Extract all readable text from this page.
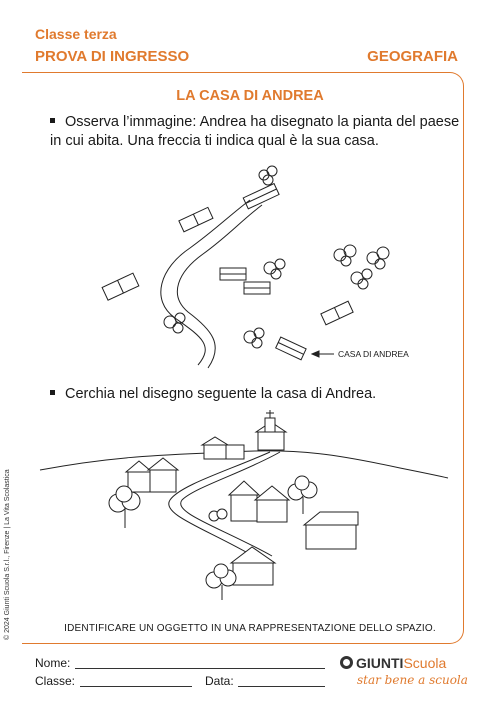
Classe terza
PROVA DI INGRESSO	GEOGRAFIA
LA CASA DI ANDREA
Osserva l’immagine: Andrea ha disegnato la pianta del paese in cui abita. Una freccia ti indica qual è la sua casa.
CASA DI ANDREA
Cerchia nel disegno seguente la casa di Andrea.
IDENTIFICARE UN OGGETTO IN UNA RAPPRESENTAZIONE DELLO SPAZIO.
© 2024 Giunti Scuola S.r.l., Firenze | La Vita Scolastica
Nome:
Classe:	Data:
GIUNTIScuola
star bene a scuola
